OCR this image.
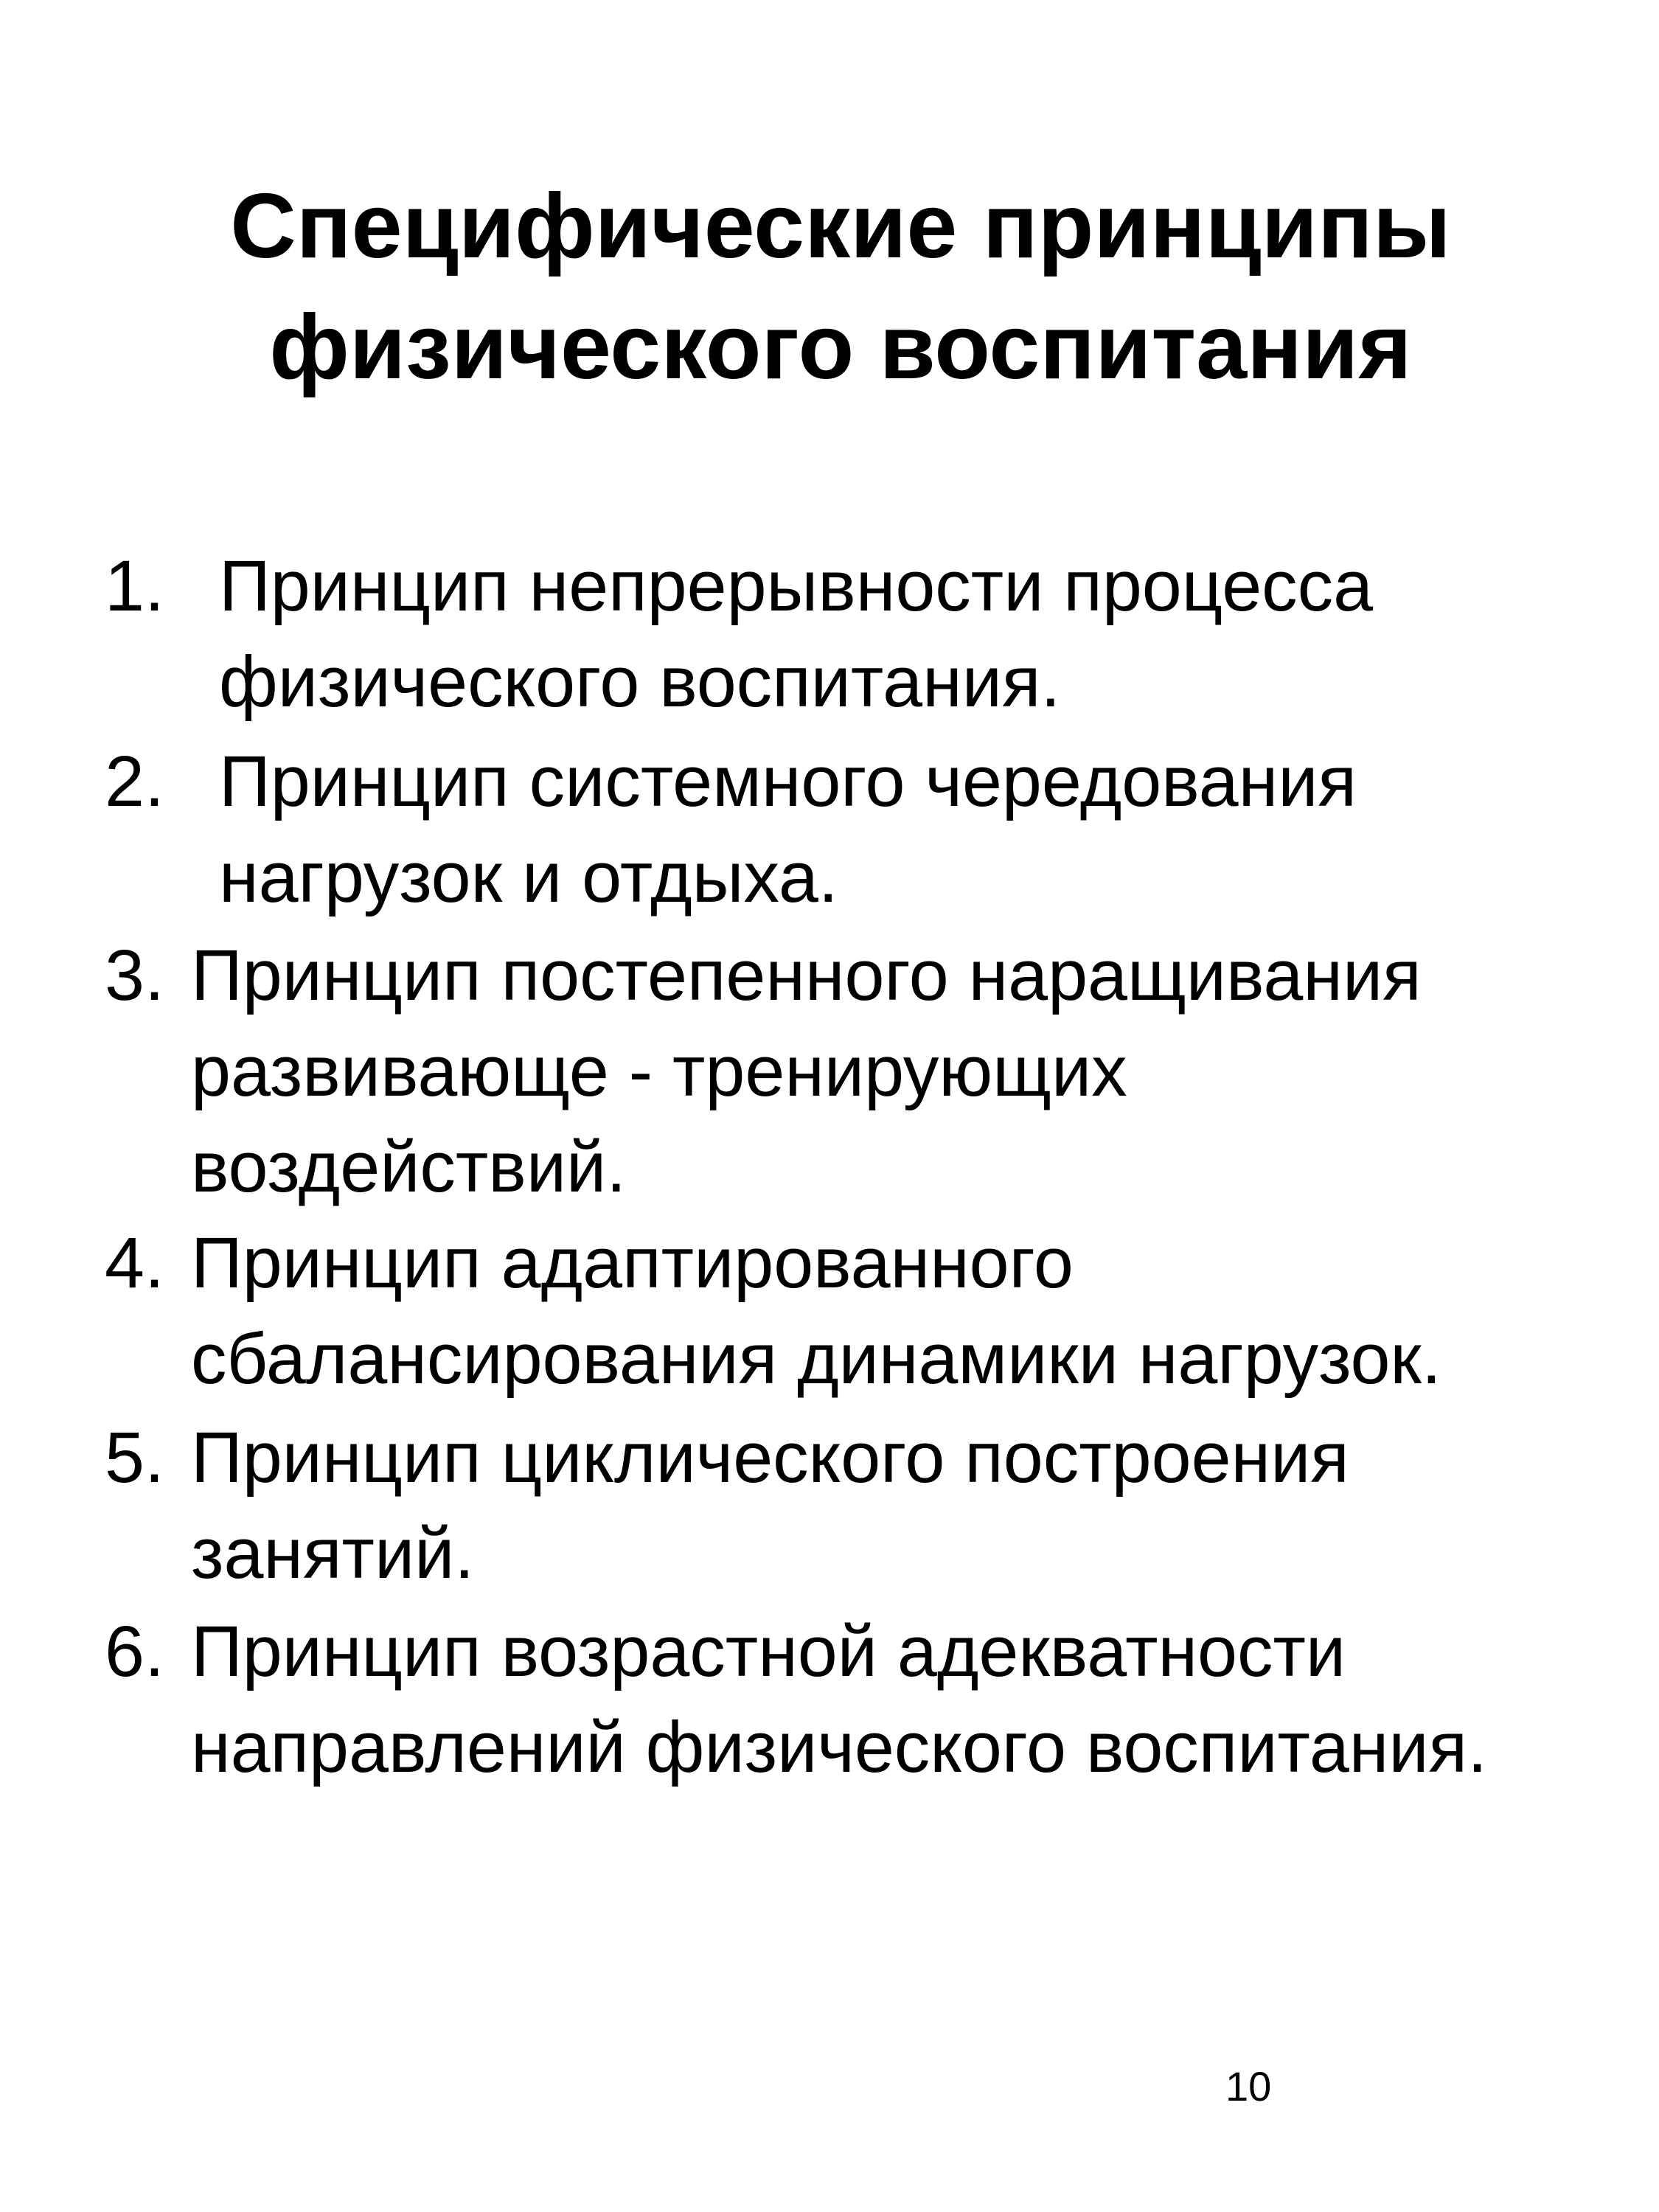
Специфические принципы
физического воспитания
1. Принцип непрерывности процесса
физического воспитания.
2. Принцип системного чередования
нагрузок и отдыха.
3. Принцип постепенного наращивания
развивающе - тренирующих
воздействий.
4. Принцип адаптированного
сбалансирования динамики нагрузок.
5. Принцип циклического построения
занятий.
6. Принцип возрастной адекватности
направлений физического воспитания.
10
